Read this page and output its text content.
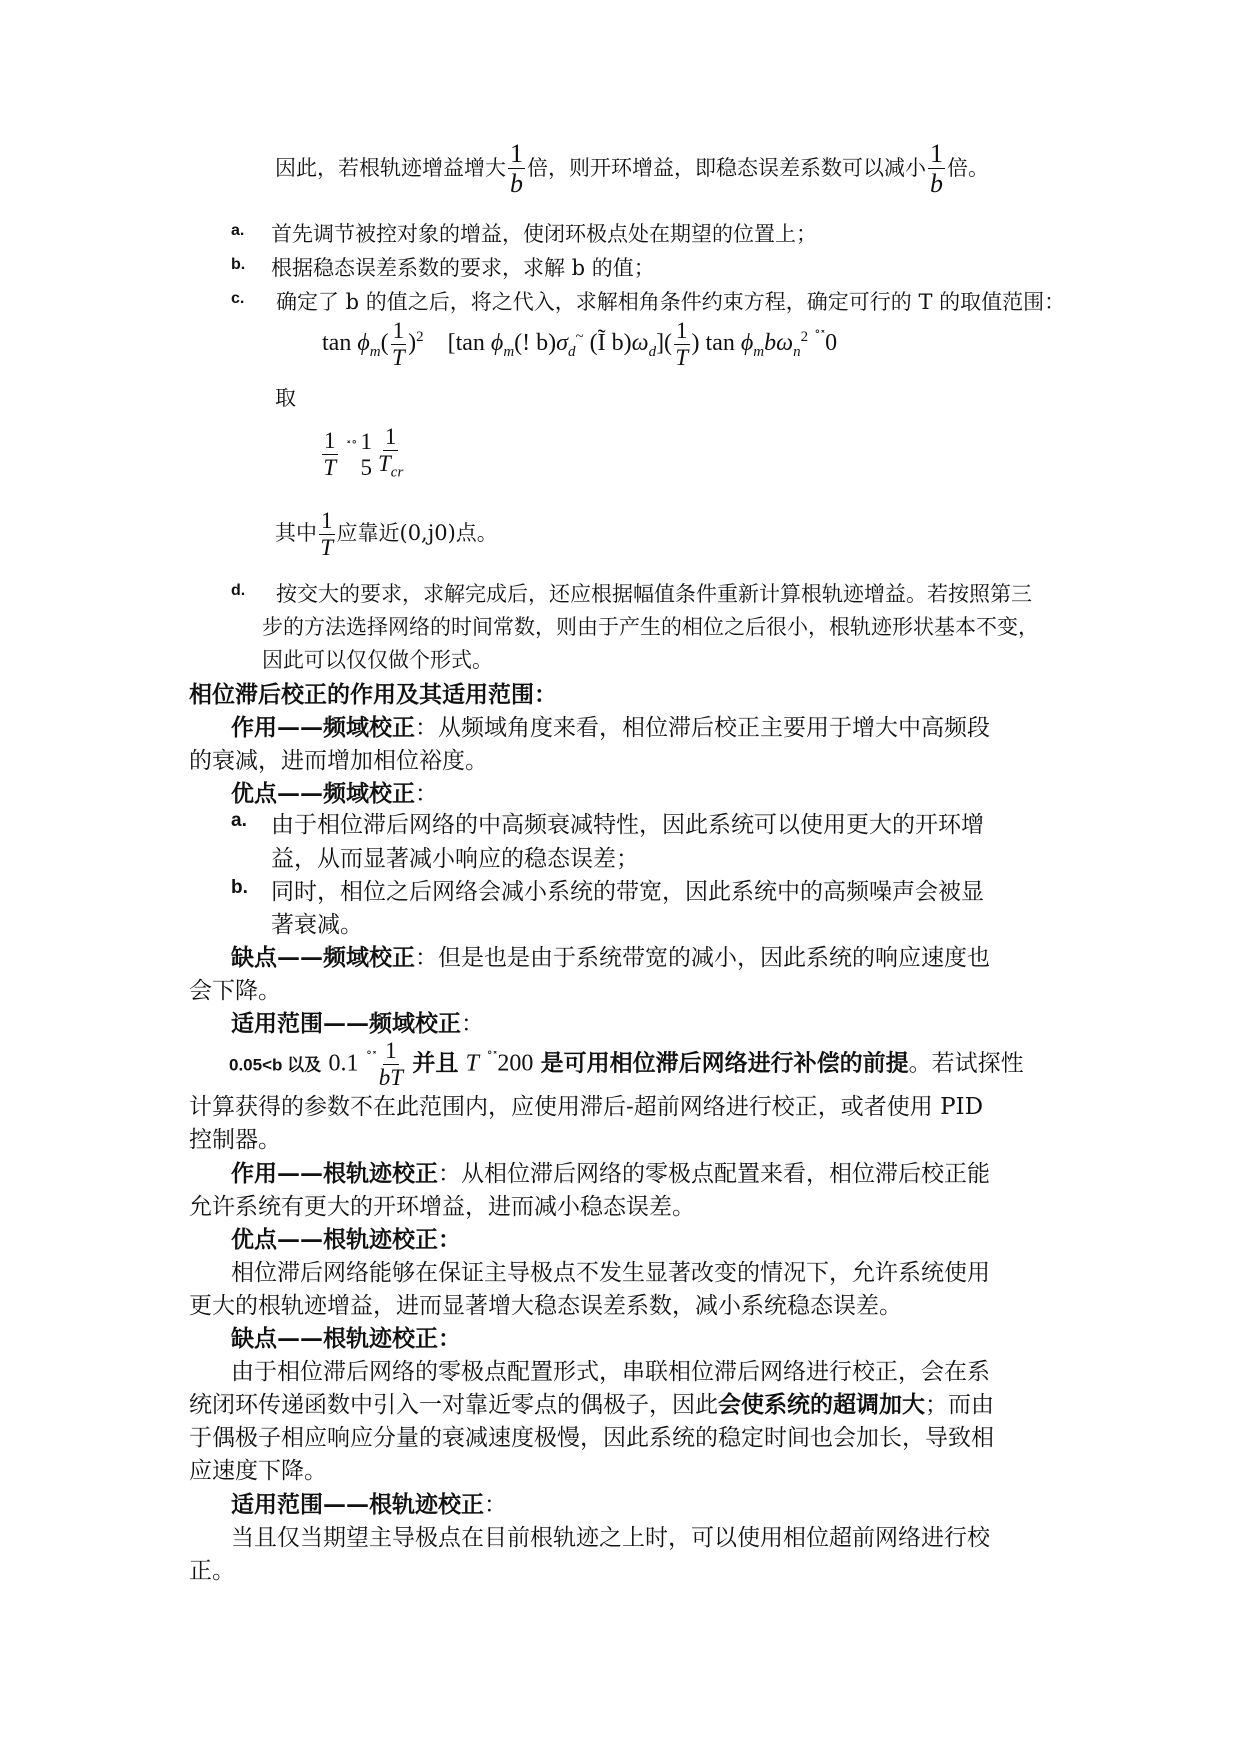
因此，若根轨迹增益增大 $\frac{1}{b}$ 倍，则开环增益，即稳态误差系数可以减小 $\frac{1}{b}$ 倍。
a. 首先调节被控对象的增益，使闭环极点处在期望的位置上；
b. 根据稳态误差系数的要求，求解 b 的值；
c. 确定了 b 的值之后，将之代入，求解相角条件约束方程，确定可行的 T 的取值范围：
$\tan \phi_m( \frac{1}{T} )^2$ [tan $\phi_m$(! $b)\sigma_d^\sim$ (Ĩ $b)\omega_d]( \frac{1}{T}$ ) $\tan \phi_mb\omega_n^2$ ˚˟0
取
$\frac{1}{T} ^{˟˚}$ 1
$5 \frac{1}{T_{cr}}$
其中 $\frac{1}{T}$ 应靠近(0,j0)点。
d. 按交大的要求，求解完成后，还应根据幅值条件重新计算根轨迹增益。若按照第三
步的方法选择网络的时间常数，则由于产生的相位之后很小，根轨迹形状基本不变，
因此可以仅仅做个形式。
相位滞后校正的作用及其适用范围：
作用——频域校正：从频域角度来看，相位滞后校正主要用于增大中高频段
的衰减，进而增加相位裕度。
优点——频域校正：
a. 由于相位滞后网络的中高频衰减特性，因此系统可以使用更大的开环增
益，从而显著减小响应的稳态误差；
b. 同时，相位之后网络会减小系统的带宽，因此系统中的高频噪声会被显
著衰减。
缺点——频域校正：但是也是由于系统带宽的减小，因此系统的响应速度也
会下降。
适用范围——频域校正：
0.05<b 以及 0.1 $^{˚˟} \frac{1}{bT}$ 并且 T ˚˟200 是可用相位滞后网络进行补偿的前提。若试探性
计算获得的参数不在此范围内，应使用滞后-超前网络进行校正，或者使用 PID
控制器。
作用——根轨迹校正：从相位滞后网络的零极点配置来看，相位滞后校正能
允许系统有更大的开环增益，进而减小稳态误差。
优点——根轨迹校正：
相位滞后网络能够在保证主导极点不发生显著改变的情况下，允许系统使用
更大的根轨迹增益，进而显著增大稳态误差系数，减小系统稳态误差。
缺点——根轨迹校正：
由于相位滞后网络的零极点配置形式，串联相位滞后网络进行校正，会在系
统闭环传递函数中引入一对靠近零点的偶极子，因此会使系统的超调加大；而由
于偶极子相应响应分量的衰减速度极慢，因此系统的稳定时间也会加长，导致相
应速度下降。
适用范围——根轨迹校正：
当且仅当期望主导极点在目前根轨迹之上时，可以使用相位超前网络进行校
正。
